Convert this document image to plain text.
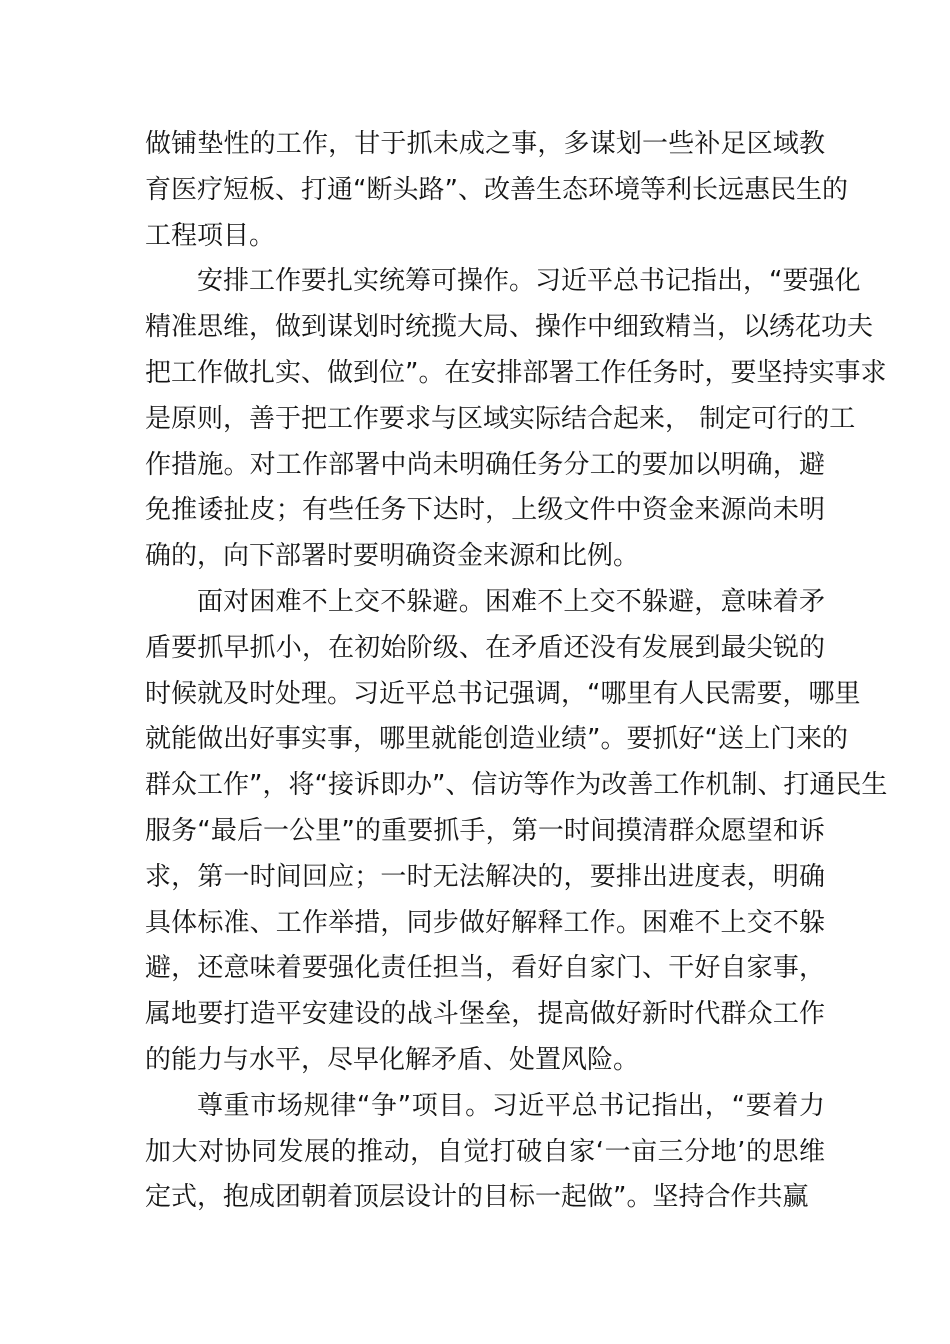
做铺垫性的工作，甘于抓未成之事，多谋划一些补足区域教
育医疗短板、打通“断头路”、改善生态环境等利长远惠民生的
工程项目。
安排工作要扎实统筹可操作。习近平总书记指出，“要强化
精准思维，做到谋划时统揽大局、操作中细致精当，以绣花功夫
把工作做扎实、做到位”。在安排部署工作任务时，要坚持实事求
是原则，善于把工作要求与区域实际结合起来， 制定可行的工
作措施。对工作部署中尚未明确任务分工的要加以明确，避
免推诿扯皮；有些任务下达时，上级文件中资金来源尚未明
确的，向下部署时要明确资金来源和比例。
面对困难不上交不躲避。困难不上交不躲避，意味着矛
盾要抓早抓小，在初始阶级、在矛盾还没有发展到最尖锐的
时候就及时处理。习近平总书记强调，“哪里有人民需要，哪里
就能做出好事实事，哪里就能创造业绩”。要抓好“送上门来的
群众工作”，将“接诉即办”、信访等作为改善工作机制、打通民生
服务“最后一公里”的重要抓手，第一时间摸清群众愿望和诉
求，第一时间回应；一时无法解决的，要排出进度表，明确
具体标准、工作举措，同步做好解释工作。困难不上交不躲
避，还意味着要强化责任担当，看好自家门、干好自家事，
属地要打造平安建设的战斗堡垒，提高做好新时代群众工作
的能力与水平，尽早化解矛盾、处置风险。
尊重市场规律“争”项目。习近平总书记指出，“要着力
加大对协同发展的推动，自觉打破自家‘一亩三分地’的思维
定式，抱成团朝着顶层设计的目标一起做”。坚持合作共赢
